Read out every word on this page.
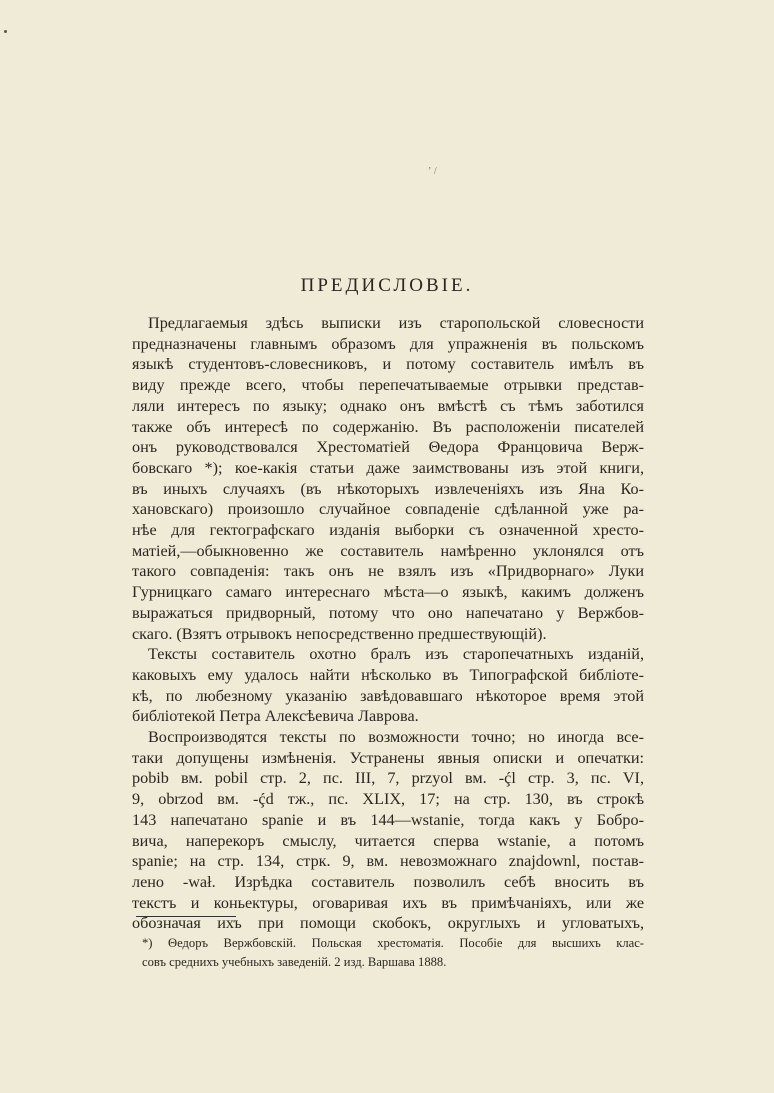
ʼ /
ПРЕДИСЛОВІЕ.
Предлагаемыя здѣсь выписки изъ старопольской словесности
предназначены главнымъ образомъ для упражненія въ польскомъ
языкѣ студентовъ-словесниковъ, и потому составитель имѣлъ въ
виду прежде всего, чтобы перепечатываемые отрывки представ-
ляли интересъ по языку; однако онъ вмѣстѣ съ тѣмъ заботился
также объ интересѣ по содержанію. Въ расположеніи писателей
онъ руководствовался Хрестоматіей Θедора Францовича Верж-
бовскаго *); кое-какія статьи даже заимствованы изъ этой книги,
въ иныхъ случаяхъ (въ нѣкоторыхъ извлеченіяхъ изъ Яна Ко-
хановскаго) произошло случайное совпаденіе сдѣланной уже ра-
нѣе для гектографскаго изданія выборки съ означенной хресто-
матіей,—обыкновенно же составитель намѣренно уклонялся отъ
такого совпаденія: такъ онъ не взялъ изъ «Придворнаго» Луки
Гурницкаго самаго интереснаго мѣста—о языкѣ, какимъ долженъ
выражаться придворный, потому что оно напечатано у Вержбов-
скаго. (Взятъ отрывокъ непосредственно предшествующій).
Тексты составитель охотно бралъ изъ старопечатныхъ изданій,
каковыхъ ему удалось найти нѣсколько въ Типографской библіоте-
кѣ, по любезному указанію завѣдовавшаго нѣкоторое время этой
библіотекой Петра Алексѣевича Лаврова.
Воспроизводятся тексты по возможности точно; но иногда все-
таки допущены измѣненія. Устранены явныя описки и опечатки:
pobib вм. pobil стр. 2, пс. III, 7, przyol вм. -ḉl стр. 3, пс. VI,
9, obrzod вм. -ḉd тж., пс. XLIX, 17; на стр. 130, въ строкѣ
143 напечатано spanie и въ 144—wstanie, тогда какъ у Бобро-
вича, наперекоръ смыслу, читается сперва wstanie, а потомъ
spanie; на стр. 134, стрк. 9, вм. невозможнаго znajdownl, постав-
лено -wał. Изрѣдка составитель позволилъ себѣ вносить въ
текстъ и коньектуры, оговаривая ихъ въ примѣчаніяхъ, или же
обозначая ихъ при помощи скобокъ, округлыхъ и угловатыхъ,
*) Θедоръ Вержбовскій. Польская хрестоматія. Пособіе для высшихъ клас-
совъ среднихъ учебныхъ заведеній. 2 изд. Варшава 1888.
